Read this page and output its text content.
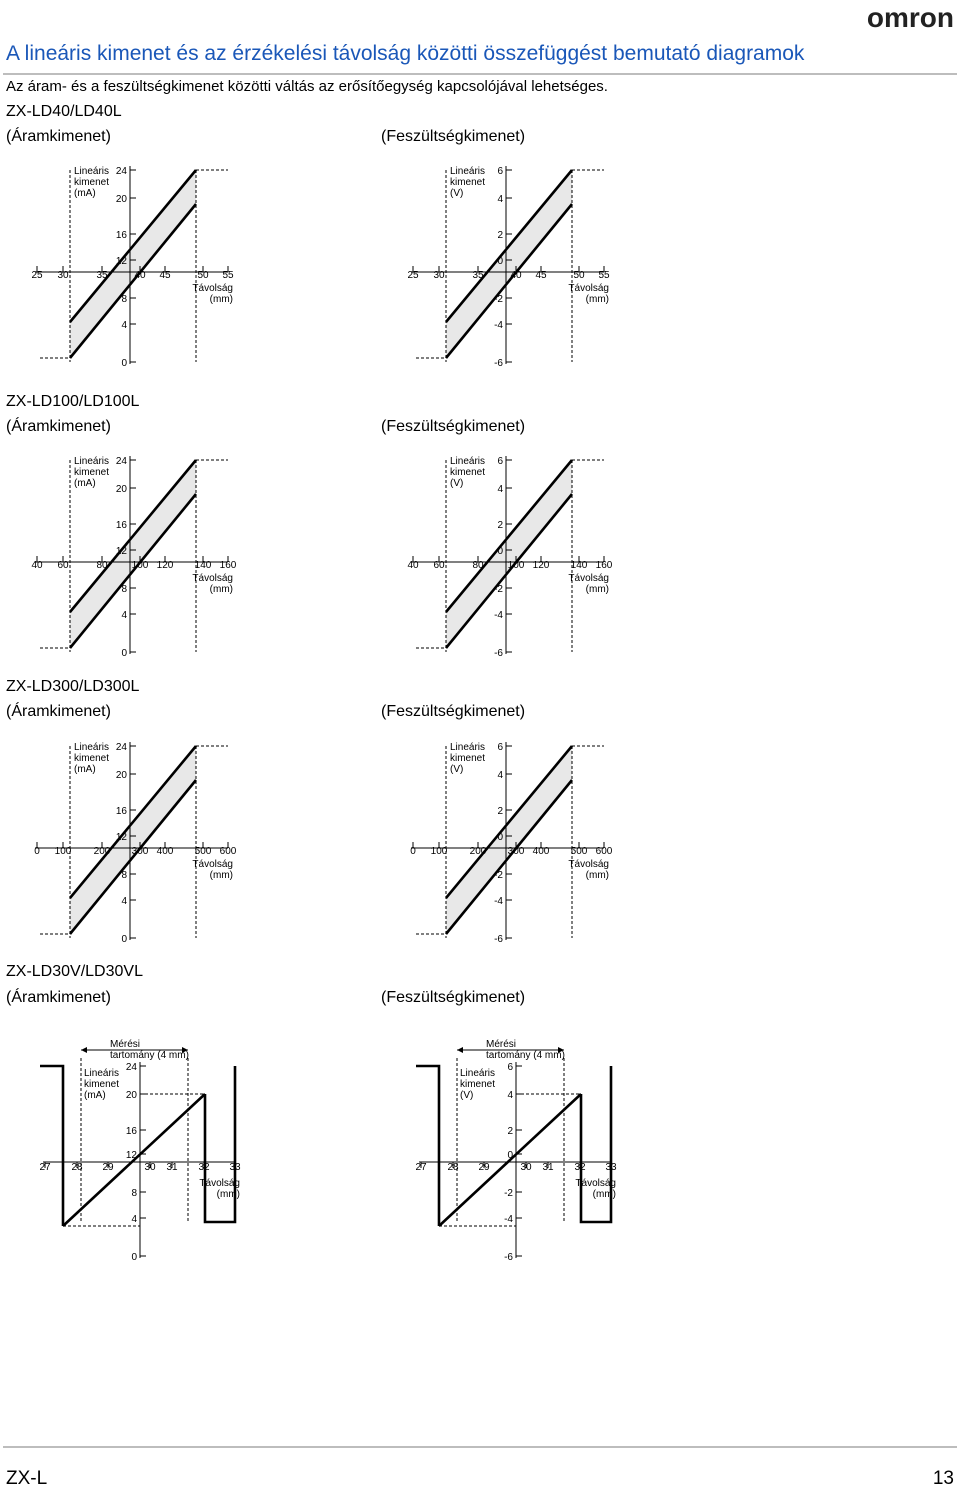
omron
A lineáris kimenet és az érzékelési távolság közötti összefüggést bemutató diagramok
Az áram- és a feszültségkimenet közötti váltás az erősítőegység kapcsolójával lehetséges.
ZX-LD40/LD40L
(Áramkimenet)	(Feszültségkimenet)
24
20
16
12
8
4
0
25 30	35	40 45	50 55
Lineáris
kimenet
(mA)
Távolság
(mm)
6
4
2
0
-2
-4
-6
25 30	35	40 45	50 55
Lineáris
kimenet
(V)
Távolság
(mm)
ZX-LD100/LD100L
(Áramkimenet)	(Feszültségkimenet)
24
20
16
12
8
4
0
40 60	80 100 120 140 160
Lineáris
kimenet
(mA)
Távolság
(mm)
6
4
2
0
-2
-4
-6
40 60	80 100 120 140 160
Lineáris
kimenet
(V)
Távolság
(mm)
ZX-LD300/LD300L
(Áramkimenet)	(Feszültségkimenet)
24
20
16
12
8
4
0
0 100 200 300 400 500 600
Lineáris
kimenet
(mA)
Távolság
(mm)
6
4
2
0
-2
-4
-6
0 100 200 300 400 500 600
Lineáris
kimenet
(V)
Távolság
(mm)
ZX-LD30V/LD30VL
(Áramkimenet)	(Feszültségkimenet)
Mérési
tartomány (4 mm)
24
20
16
12
8
4
0
27 28 29	30 31 32 33
Lineáris
kimenet
(mA)
Távolság
(mm)
Mérési
tartomány (4 mm)
6
4
2
0
-2
-4
-6
27 28 29	30 31 32 33
Lineáris
kimenet
(V)
Távolság
(mm)
ZX-L	13
